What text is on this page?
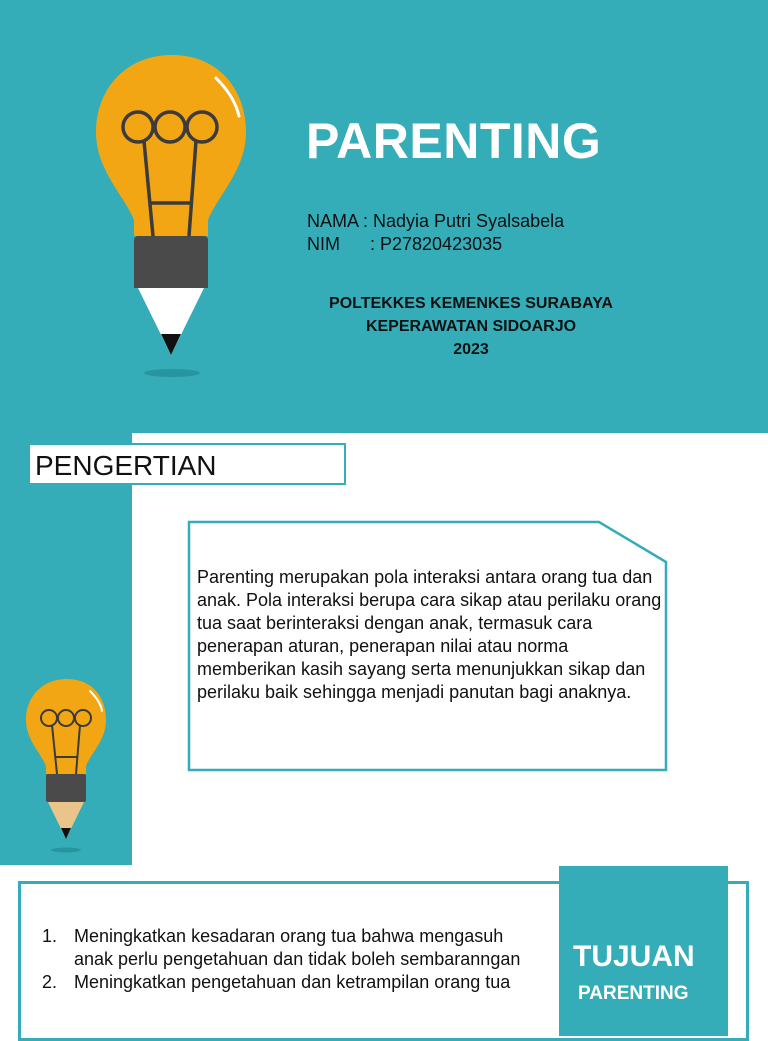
PARENTING
NAMA : Nadyia Putri Syalsabela
NIM      : P27820423035
POLTEKKES KEMENKES SURABAYA
KEPERAWATAN SIDOARJO
2023
PENGERTIAN
Parenting merupakan pola interaksi antara orang tua dan anak. Pola interaksi berupa cara sikap atau perilaku orang tua saat berinteraksi dengan anak, termasuk cara penerapan aturan, penerapan nilai atau norma memberikan kasih sayang serta menunjukkan sikap dan perilaku baik sehingga menjadi panutan bagi anaknya.
TUJUAN
PARENTING
1. Meningkatkan kesadaran orang tua bahwa mengasuh anak perlu pengetahuan dan tidak boleh sembaranngan
2. Meningkatkan pengetahuan dan ketrampilan orang tua
